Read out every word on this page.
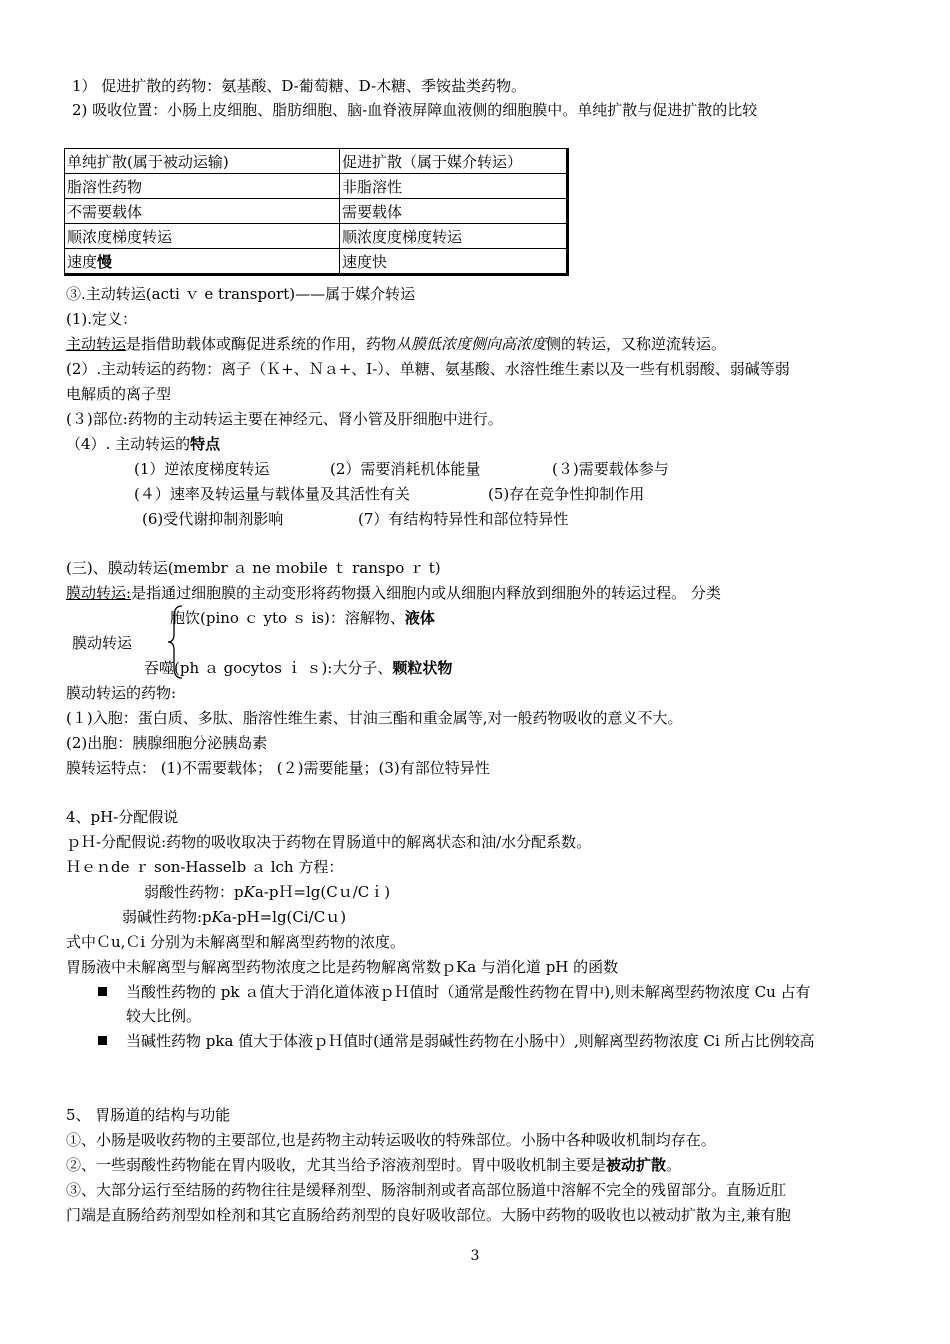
1） 促进扩散的药物：氨基酸、D-葡萄糖、D-木糖、季铵盐类药物。
2) 吸收位置：小肠上皮细胞、脂肪细胞、脑-血脊液屏障血液侧的细胞膜中。单纯扩散与促进扩散的比较
单纯扩散(属于被动运输)	促进扩散（属于媒介转运）
脂溶性药物	非脂溶性
不需要载体	需要载体
顺浓度梯度转运	顺浓度度梯度转运
速度慢	速度快
③.主动转运(acti ｖ e transport)——属于媒介转运
(1).定义：
主动转运是指借助载体或酶促进系统的作用，药物从膜低浓度侧向高浓度侧的转运，又称逆流转运。
(2）.主动转运的药物：离子（Ｋ+、Ｎａ+、I-）、单糖、氨基酸、水溶性维生素以及一些有机弱酸、弱碱等弱
电解质的离子型
(３)部位:药物的主动转运主要在神经元、肾小管及肝细胞中进行。
（4）. 主动转运的特点
(1）逆浓度梯度转运	(2）需要消耗机体能量	(３)需要载体参与
(４）速率及转运量与载体量及其活性有关	(5)存在竞争性抑制作用
(6)受代谢抑制剂影响	(7）有结构特异性和部位特异性
(三)、膜动转运(membr ａ ne ｍobile ｔ ranspo ｒ t)
膜动转运:是指通过细胞膜的主动变形将药物摄入细胞内或从细胞内释放到细胞外的转运过程。 分类
胞饮(pino ｃ yto ｓ is)：溶解物、液体
膜动转运
吞噬(ph ａ gocytos ｉ ｓ):大分子、颗粒状物
膜动转运的药物:
(１)入胞：蛋白质、多肽、脂溶性维生素、甘油三酯和重金属等,对一般药物吸收的意义不大。
(2)出胞：胰腺细胞分泌胰岛素
膜转运特点： (1)不需要载体； (２)需要能量；(3)有部位特异性
4、pH-分配假说
ｐＨ-分配假说:药物的吸收取决于药物在胃肠道中的解离状态和油/水分配系数。
Ｈｅｎde ｒ son-Hasselb ａ lch 方程：
弱酸性药物：pKa-pＨ=lg(Cｕ/Cｉ)
弱碱性药物:pKa-pH=lg(Ci/Cｕ)
式中Ｃu,Ｃi 分别为未解离型和解离型药物的浓度。
胃肠液中未解离型与解离型药物浓度之比是药物解离常数ｐKa 与消化道 pH 的函数
当酸性药物的 pk ａ值大于消化道体液ｐＨ值时（通常是酸性药物在胃中),则未解离型药物浓度 Cu 占有
较大比例。
当碱性药物 pka 值大于体液ｐＨ值时(通常是弱碱性药物在小肠中）,则解离型药物浓度 Ci 所占比例较高
5、 胃肠道的结构与功能
①、小肠是吸收药物的主要部位,也是药物主动转运吸收的特殊部位。小肠中各种吸收机制均存在。
②、一些弱酸性药物能在胃内吸收，尤其当给予溶液剂型时。胃中吸收机制主要是被动扩散。
③、大部分运行至结肠的药物往往是缓释剂型、肠溶制剂或者高部位肠道中溶解不完全的残留部分。直肠近肛
门端是直肠给药剂型如栓剂和其它直肠给药剂型的良好吸收部位。大肠中药物的吸收也以被动扩散为主,兼有胞
3
